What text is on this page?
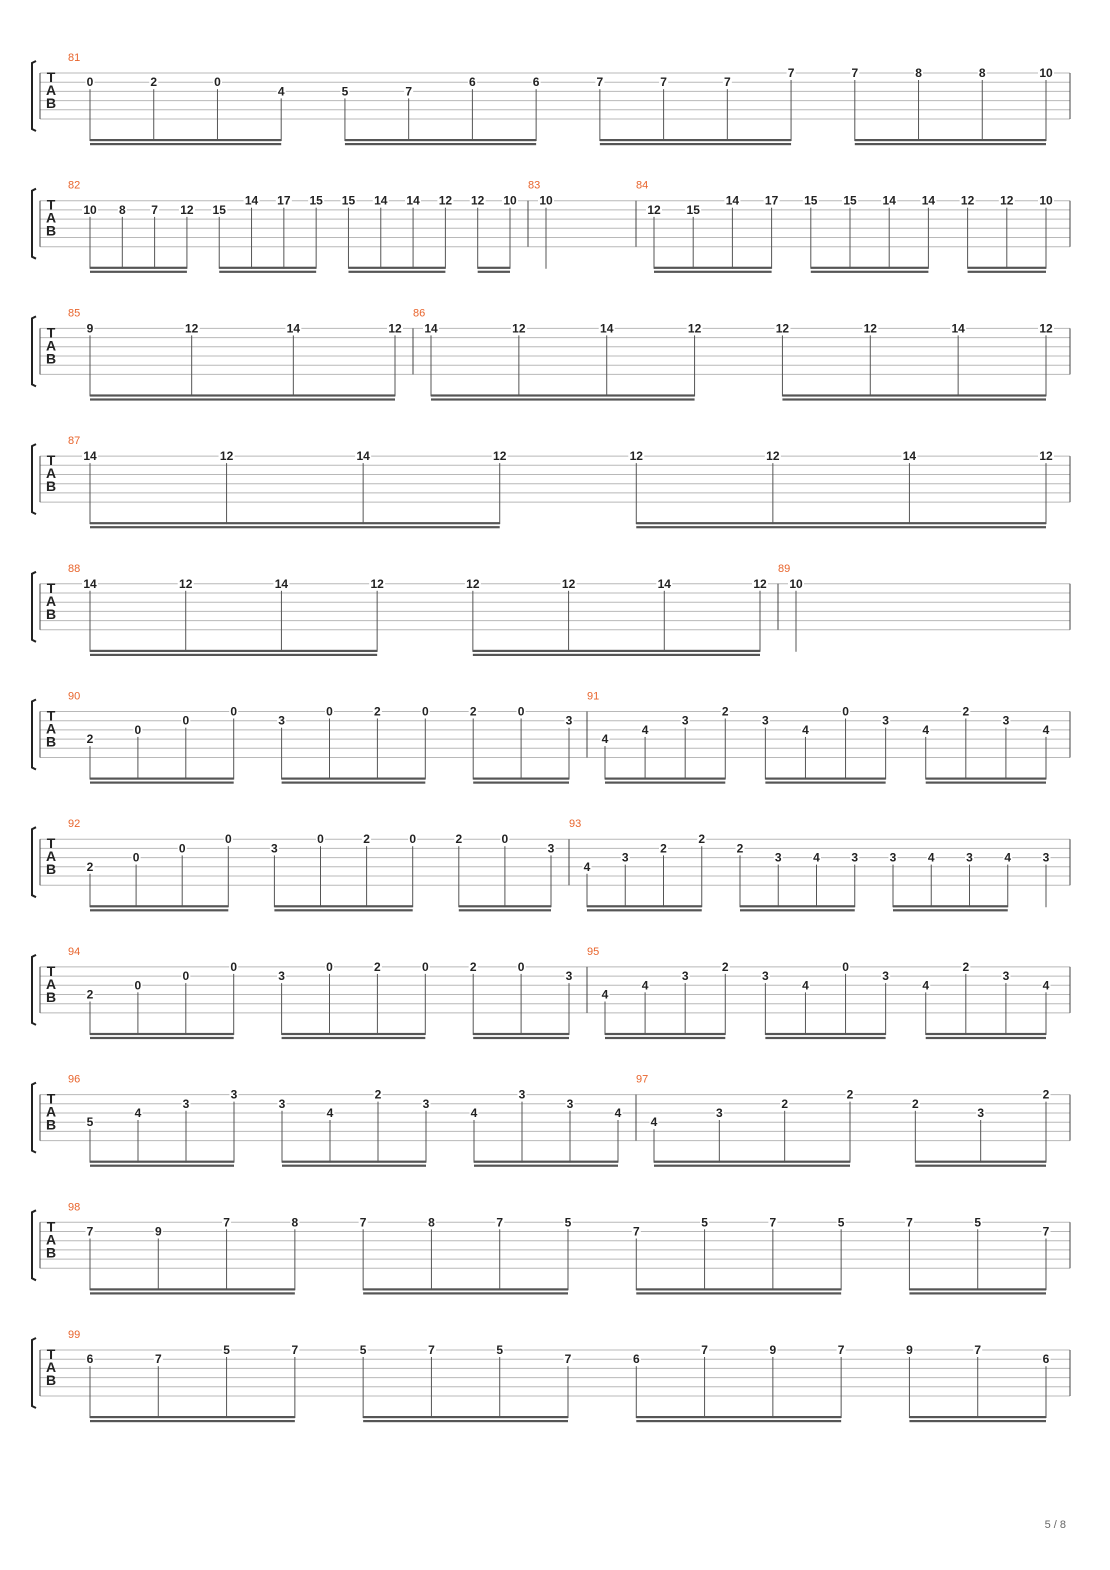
T
A
B
81
0	2	0
4	5	7
6	6	7	7	7
7	7	8	8	10
T
A
B
82
10 8 7 12 15
14 17 15 15 14 14 12 12 10
83
10
84
12 15
14 17 15 15 14 14 12 12 10
T
A
B
85
9	12	14	12
86
14	12	14	12	12	12	14	12
T
A
B
87
14	12	14	12	12	12	14	12
T
A
B
88
14	12	14	12	12	12	14	12
89
10
T
A
B
90
2
0
0
0
3
0	2	0	2	0
3
91
4
4
3
2
3
4
0
3
4
2
3
4
T
A
B
92
2
0
0
0
3
0	2	0	2	0
3
93
4
3
2
2
2
3	4	3	3	4	3	4	3
T
A
B
94
2
0
0
0
3
0	2	0	2	0
3
95
4
4
3
2
3
4
0
3
4
2
3
4
T
A
B
96
5
4
3
3
3
4
2
3
4
3
3
4
97
4
3
2
2
2
3
2
T
A
B
98
7	9
7	8	7	8	7	5
7
5	7	5	7	5
7
T
A
B
99
6	7
5	7	5	7	5
7	6
7	9	7	9	7
6
5 / 8
